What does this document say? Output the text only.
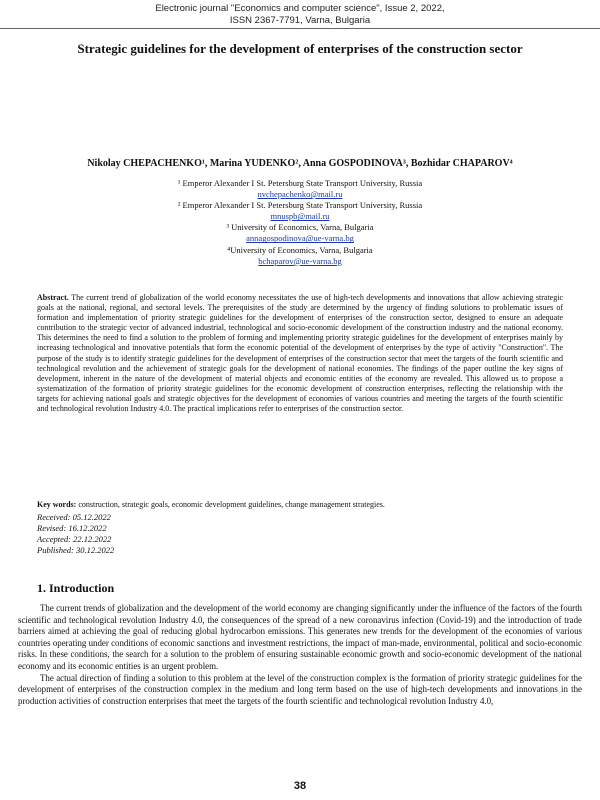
Electronic journal "Economics and computer science", Issue 2, 2022,
ISSN 2367-7791, Varna, Bulgaria
Strategic guidelines for the development of enterprises of the construction sector
Nikolay CHEPACHENKO¹, Marina YUDENKO², Anna GOSPODINOVA³, Bozhidar CHAPAROV⁴
¹ Emperor Alexander I St. Petersburg State Transport University, Russia
nvchepachenko@mail.ru
² Emperor Alexander I St. Petersburg State Transport University, Russia
mnuspb@mail.ru
³ University of Economics, Varna, Bulgaria
annagospodinova@ue-varna.bg
⁴University of Economics, Varna, Bulgaria
bchaparov@ue-varna.bg

Abstract. The current trend of globalization of the world economy necessitates the use of high-tech developments and innovations that allow achieving strategic goals at the national, regional, and sectoral levels. The prerequisites of the study are determined by the urgency of finding solutions to problematic issues of formation and implementation of priority strategic guidelines for the development of enterprises of the construction sector, designed to ensure an adequate contribution to the strategic vector of advanced industrial, technological and socio-economic development of the construction industry and the national economy. This determines the need to find a solution to the problem of forming and implementing priority strategic guidelines for the development of enterprises mainly by increasing technological and innovative potentials that form the economic potential of the development of enterprises by the type of activity "Construction". The purpose of the study is to identify strategic guidelines for the development of enterprises of the construction sector that meet the targets of the fourth scientific and technological revolution and the achievement of strategic goals for the development of national economies. The findings of the paper outline the key signs of development, inherent in the nature of the development of material objects and economic entities of the economy are revealed. This allowed us to propose a systematization of the formation of priority strategic guidelines for the economic development of construction enterprises, reflecting the relationship with the targets for achieving national goals and strategic objectives for the development of economies of various countries and meeting the targets of the fourth scientific and technological revolution Industry 4.0. The practical implications refer to enterprises of the construction sector.

Key words: construction, strategic goals, economic development guidelines, change management strategies.
Received: 05.12.2022
Revised: 16.12.2022
Accepted: 22.12.2022
Published: 30.12.2022
1. Introduction

The current trends of globalization and the development of the world economy are changing significantly under the influence of the factors of the fourth scientific and technological revolution Industry 4.0, the consequences of the spread of a new coronavirus infection (Covid-19) and the introduction of trade barriers aimed at achieving the goal of reducing global hydrocarbon emissions. This generates new trends for the development of the economies of various countries operating under conditions of economic sanctions and investment restrictions, the impact of man-made, environmental, political and socio-economic risks. In these conditions, the search for a solution to the problem of ensuring sustainable economic growth and socio-economic development of the national economy and its economic entities is an urgent problem.

The actual direction of finding a solution to this problem at the level of the construction complex is the formation of priority strategic guidelines for the development of enterprises of the construction complex in the medium and long term based on the use of high-tech developments and innovations in the production activities of construction enterprises that meet the targets of the fourth scientific and technological revolution Industry 4.0,

38
